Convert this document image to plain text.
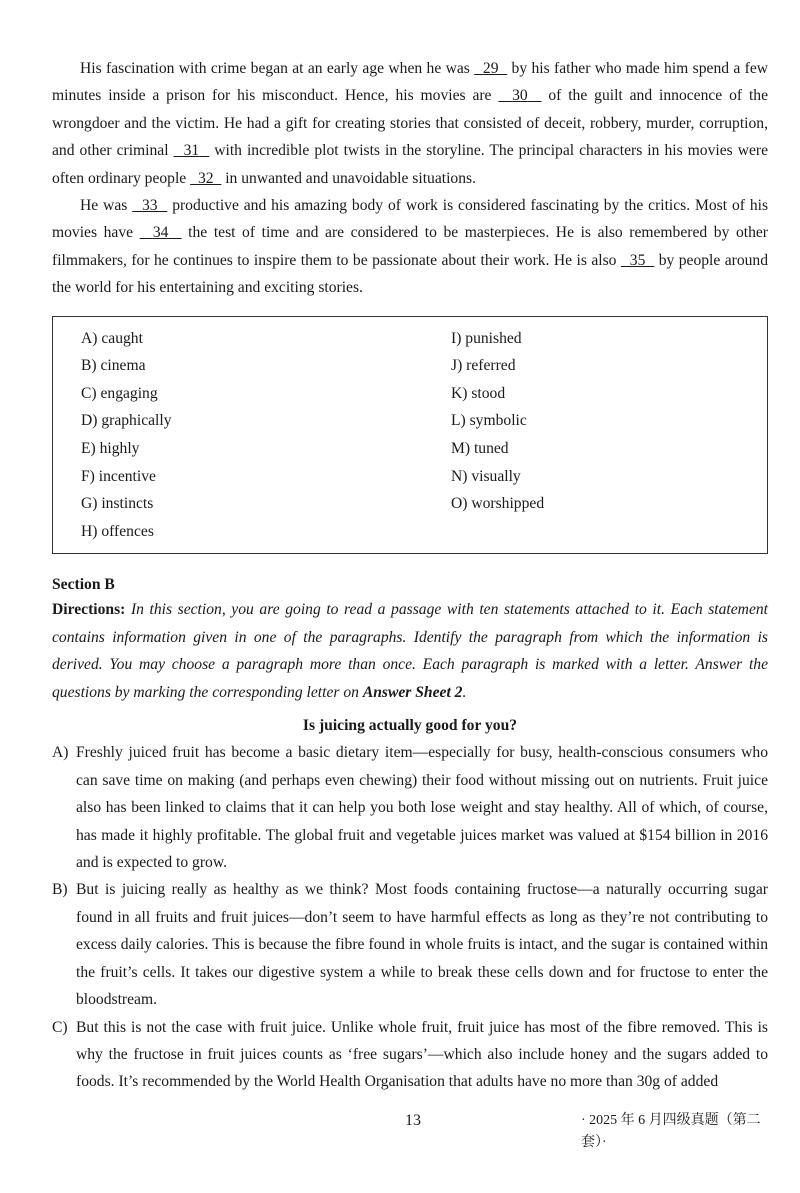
His fascination with crime began at an early age when he was   29   by his father who made him spend a few minutes inside a prison for his misconduct. Hence, his movies are   30   of the guilt and innocence of the wrongdoer and the victim. He had a gift for creating stories that consisted of deceit, robbery, murder, corruption, and other criminal   31   with incredible plot twists in the storyline. The principal characters in his movies were often ordinary people   32   in unwanted and unavoidable situations.

He was   33   productive and his amazing body of work is considered fascinating by the critics. Most of his movies have   34   the test of time and are considered to be masterpieces. He is also remembered by other filmmakers, for he continues to inspire them to be passionate about their work. He is also   35   by people around the world for his entertaining and exciting stories.

A) caught
B) cinema
C) engaging
D) graphically
E) highly
F) incentive
G) instincts
H) offences
I) punished
J) referred
K) stood
L) symbolic
M) tuned
N) visually
O) worshipped
Section B

Directions: In this section, you are going to read a passage with ten statements attached to it. Each statement contains information given in one of the paragraphs. Identify the paragraph from which the information is derived. You may choose a paragraph more than once. Each paragraph is marked with a letter. Answer the questions by marking the corresponding letter on Answer Sheet 2.

Is juicing actually good for you?
A) Freshly juiced fruit has become a basic dietary item—especially for busy, health-conscious consumers who can save time on making (and perhaps even chewing) their food without missing out on nutrients. Fruit juice also has been linked to claims that it can help you both lose weight and stay healthy. All of which, of course, has made it highly profitable. The global fruit and vegetable juices market was valued at $154 billion in 2016 and is expected to grow.
B) But is juicing really as healthy as we think? Most foods containing fructose—a naturally occurring sugar found in all fruits and fruit juices—don’t seem to have harmful effects as long as they’re not contributing to excess daily calories. This is because the fibre found in whole fruits is intact, and the sugar is contained within the fruit’s cells. It takes our digestive system a while to break these cells down and for fructose to enter the bloodstream.
C) But this is not the case with fruit juice. Unlike whole fruit, fruit juice has most of the fibre removed. This is why the fructose in fruit juices counts as ‘free sugars’—which also include honey and the sugars added to foods. It’s recommended by the World Health Organisation that adults have no more than 30g of added
13	· 2025 年 6 月四级真题（第二套）·
